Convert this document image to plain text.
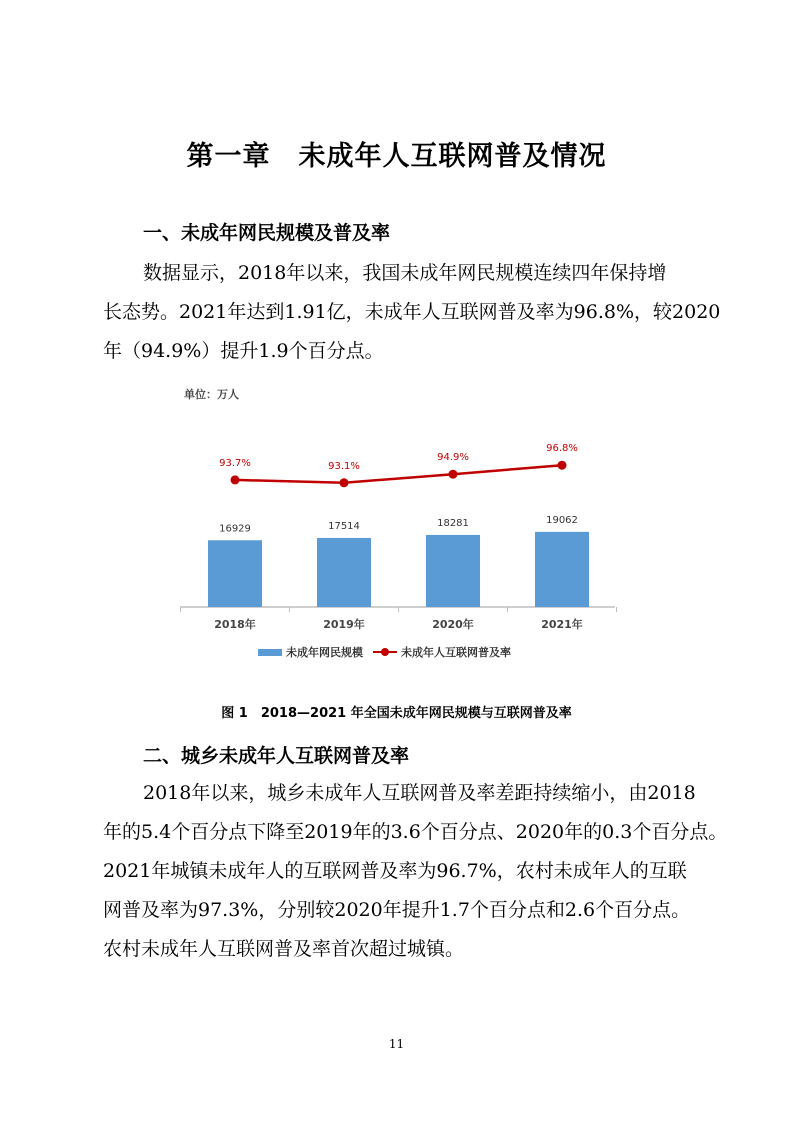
第一章　未成年人互联网普及情况
一、未成年网民规模及普及率
数据显示，2018年以来，我国未成年网民规模连续四年保持增
长态势。2021年达到1.91亿，未成年人互联网普及率为96.8%，较2020
年（94.9%）提升1.9个百分点。
单位：万人
16929
2018年
17514
2019年
18281
2020年
19062
2021年
93.7%	93.1%
94.9%
96.8%
未成年网民规模	未成年人互联网普及率
图 1　2018—2021 年全国未成年网民规模与互联网普及率
二、城乡未成年人互联网普及率
2018年以来，城乡未成年人互联网普及率差距持续缩小，由2018
年的5.4个百分点下降至2019年的3.6个百分点、2020年的0.3个百分点。
2021年城镇未成年人的互联网普及率为96.7%，农村未成年人的互联
网普及率为97.3%，分别较2020年提升1.7个百分点和2.6个百分点。
农村未成年人互联网普及率首次超过城镇。
11
